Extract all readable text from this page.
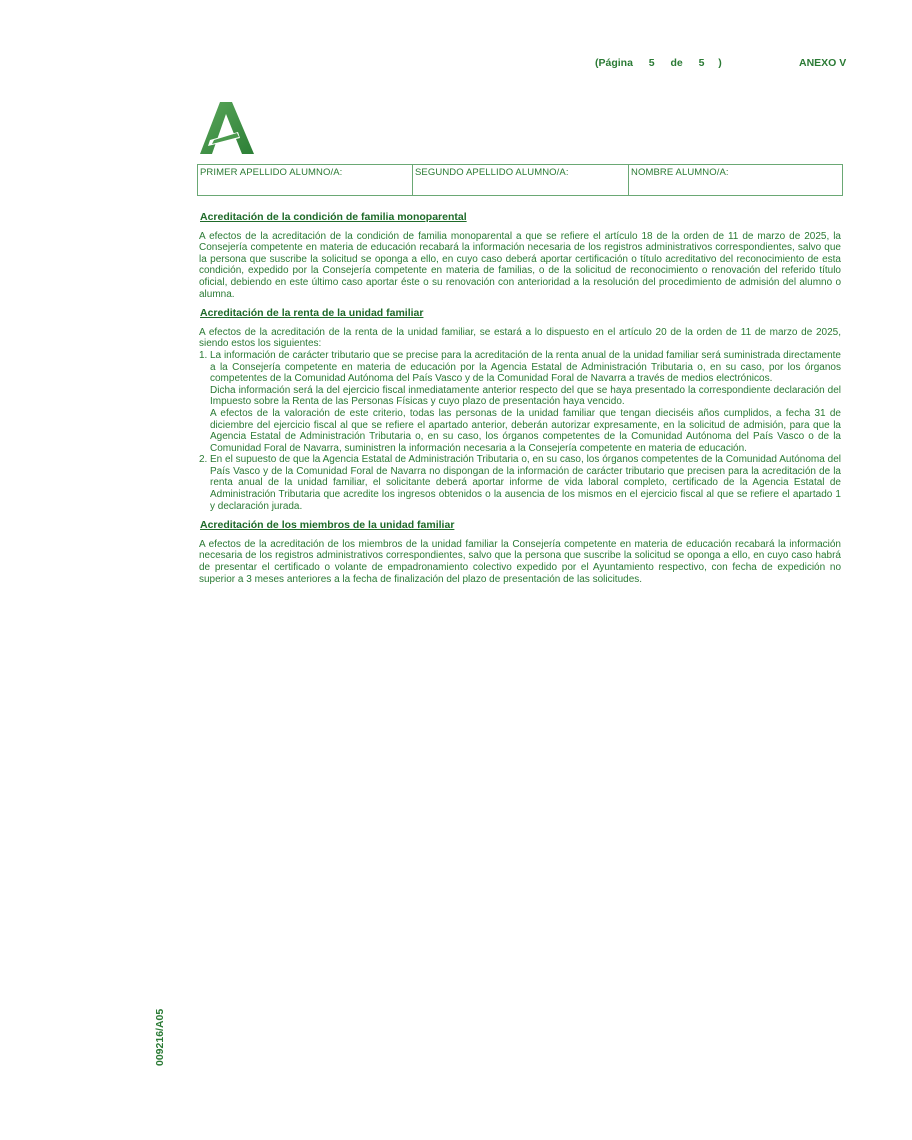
(Página 5 de 5 )	ANEXO V
PRIMER APELLIDO ALUMNO/A:	SEGUNDO APELLIDO ALUMNO/A:	NOMBRE ALUMNO/A:
Acreditación de la condición de familia monoparental

A efectos de la acreditación de la condición de familia monoparental a que se refiere el artículo 18 de la orden de 11 de marzo de 2025, la Consejería competente en materia de educación recabará la información necesaria de los registros administrativos correspondientes, salvo que la persona que suscribe la solicitud se oponga a ello, en cuyo caso deberá aportar certificación o título acreditativo del reconocimiento de esta condición, expedido por la Consejería competente en materia de familias, o de la solicitud de reconocimiento o renovación del referido título oficial, debiendo en este último caso aportar éste o su renovación con anterioridad a la resolución del procedimiento de admisión del alumno o alumna.

Acreditación de la renta de la unidad familiar

A efectos de la acreditación de la renta de la unidad familiar, se estará a lo dispuesto en el artículo 20 de la orden de 11 de marzo de 2025, siendo estos los siguientes:

1. La información de carácter tributario que se precise para la acreditación de la renta anual de la unidad familiar será suministrada directamente a la Consejería competente en materia de educación por la Agencia Estatal de Administración Tributaria o, en su caso, por los órganos competentes de la Comunidad Autónoma del País Vasco y de la Comunidad Foral de Navarra a través de medios electrónicos.

Dicha información será la del ejercicio fiscal inmediatamente anterior respecto del que se haya presentado la correspondiente declaración del Impuesto sobre la Renta de las Personas Físicas y cuyo plazo de presentación haya vencido.

A efectos de la valoración de este criterio, todas las personas de la unidad familiar que tengan dieciséis años cumplidos, a fecha 31 de diciembre del ejercicio fiscal al que se refiere el apartado anterior, deberán autorizar expresamente, en la solicitud de admisión, para que la Agencia Estatal de Administración Tributaria o, en su caso, los órganos competentes de la Comunidad Autónoma del País Vasco o de la Comunidad Foral de Navarra, suministren la información necesaria a la Consejería competente en materia de educación.

2. En el supuesto de que la Agencia Estatal de Administración Tributaria o, en su caso, los órganos competentes de la Comunidad Autónoma del País Vasco y de la Comunidad Foral de Navarra no dispongan de la información de carácter tributario que precisen para la acreditación de la renta anual de la unidad familiar, el solicitante deberá aportar informe de vida laboral completo, certificado de la Agencia Estatal de Administración Tributaria que acredite los ingresos obtenidos o la ausencia de los mismos en el ejercicio fiscal al que se refiere el apartado 1 y declaración jurada.

Acreditación de los miembros de la unidad familiar

A efectos de la acreditación de los miembros de la unidad familiar la Consejería competente en materia de educación recabará la información necesaria de los registros administrativos correspondientes, salvo que la persona que suscribe la solicitud se oponga a ello, en cuyo caso habrá de presentar el certificado o volante de empadronamiento colectivo expedido por el Ayuntamiento respectivo, con fecha de expedición no superior a 3 meses anteriores a la fecha de finalización del plazo de presentación de las solicitudes.

009216/A05
